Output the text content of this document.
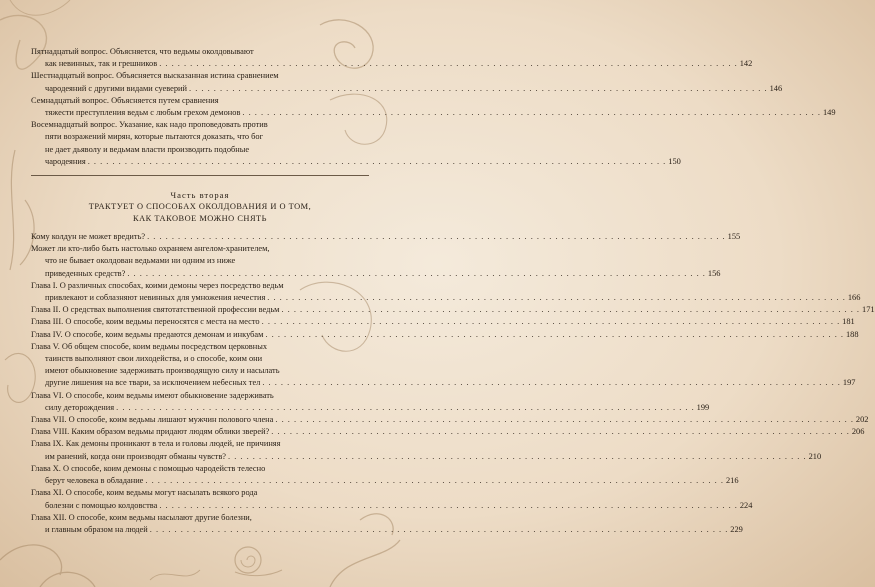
Пятнадцатый вопрос. Объясняется, что ведьмы околдовывают
как невинных, так и грешников . . .	142
Шестнадцатый вопрос. Объясняется высказанная истина сравнением
чародеяний с другими видами суеверий . . .	146
Семнадцатый вопрос. Объясняется путем сравнения
тяжести преступления ведьм с любым грехом демонов . . .	149
Восемнадцатый вопрос. Указание, как надо проповедовать против
пяти возражений мирян, которые пытаются доказать, что бог
не дает дьяволу и ведьмам власти производить подобные
чародеяния . . .	150
Часть вторая
ТРАКТУЕТ О СПОСОБАХ ОКОЛДОВАНИЯ И О ТОМ,
КАК ТАКОВОЕ МОЖНО СНЯТЬ
Кому колдун не может вредить? . . .	155
Может ли кто-либо быть настолько охраняем ангелом-хранителем,
что не бывает околдован ведьмами ни одним из ниже
приведенных средств? . . .	156
Глава I. О различных способах, коими демоны через посредство ведьм
привлекают и соблазняют невинных для умножения нечестия . . .	166
Глава II. О средствах выполнения святотатственной профессии ведьм . . .	171
Глава III. О способе, коим ведьмы переносятся с места на место . . .	181
Глава IV. О способе, коим ведьмы предаются демонам и инкубам . . .	188
Глава V. Об общем способе, коим ведьмы посредством церковных
таинств выполняют свои лиходейства, и о способе, коим они
имеют обыкновение задерживать производящую силу и насылать
другие лишения на все твари, за исключением небесных тел . . .	197
Глава VI. О способе, коим ведьмы имеют обыкновение задерживать
силу деторождения . . .	199
Глава VII. О способе, коим ведьмы лишают мужчин полового члена . . .	202
Глава VIII. Каким образом ведьмы придают людям облики зверей? . . .	206
Глава IX. Как демоны проникают в тела и головы людей, не причиняя
им ранений, когда они производят обманы чувств? . . .	210
Глава X. О способе, коим демоны с помощью чародейств телесно
берут человека в обладание . . .	216
Глава XI. О способе, коим ведьмы могут насылать всякого рода
болезни с помощью колдовства . . .	224
Глава XII. О способе, коим ведьмы насылают другие болезни,
и главным образом на людей . . .	229
